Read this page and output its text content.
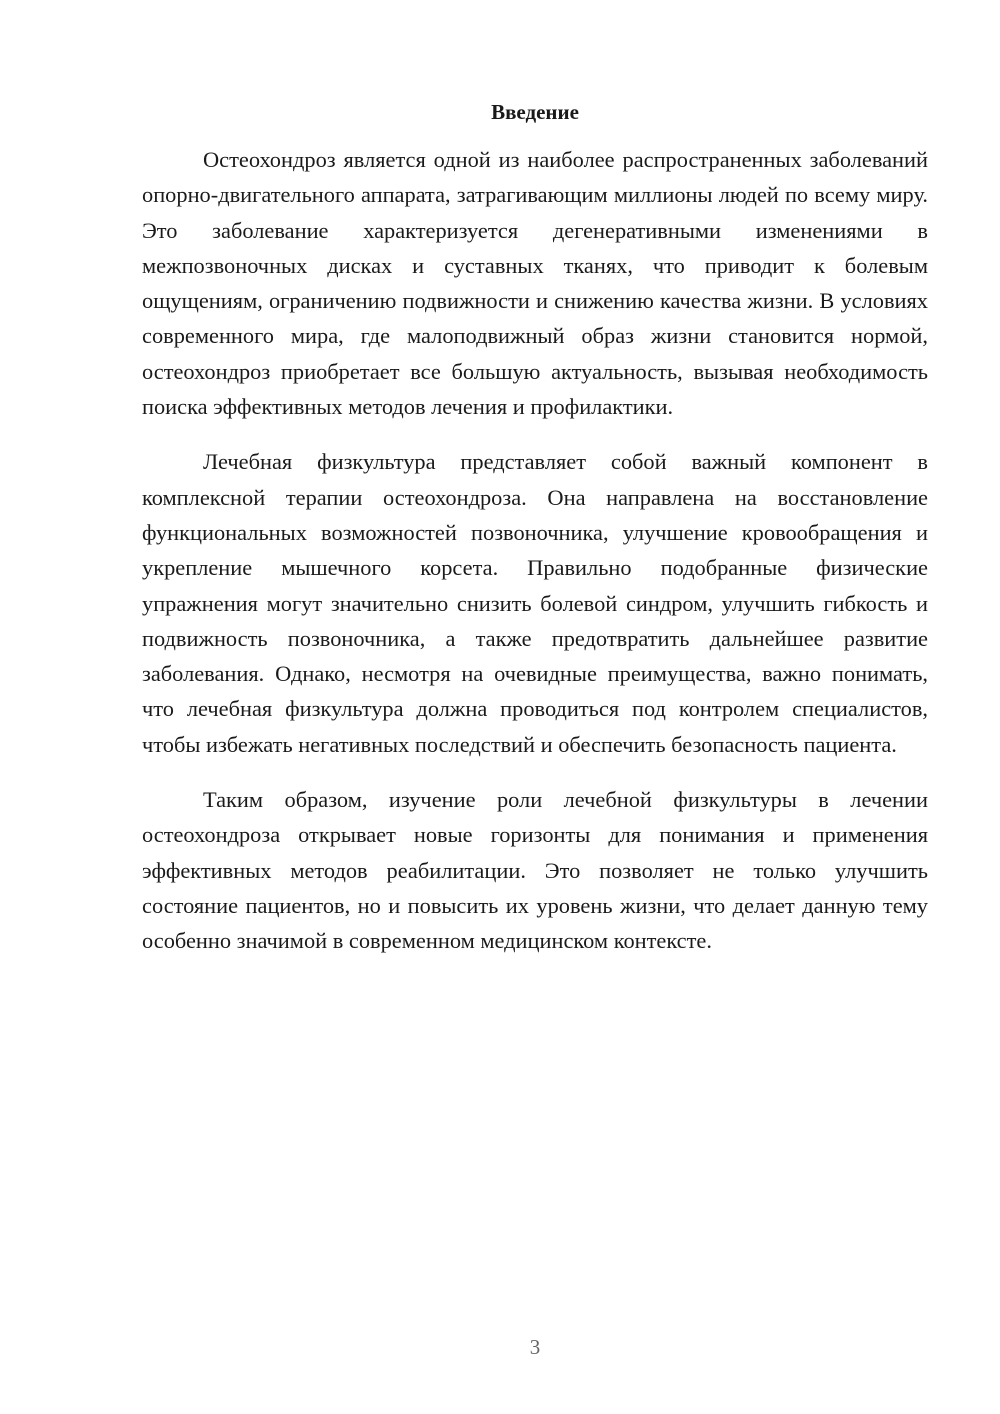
Введение

Остеохондроз является одной из наиболее распространенных заболеваний опорно-двигательного аппарата, затрагивающим миллионы людей по всему миру. Это заболевание характеризуется дегенеративными изменениями в межпозвоночных дисках и суставных тканях, что приводит к болевым ощущениям, ограничению подвижности и снижению качества жизни. В условиях современного мира, где малоподвижный образ жизни становится нормой, остеохондроз приобретает все большую актуальность, вызывая необходимость поиска эффективных методов лечения и профилактики.

Лечебная физкультура представляет собой важный компонент в комплексной терапии остеохондроза. Она направлена на восстановление функциональных возможностей позвоночника, улучшение кровообращения и укрепление мышечного корсета. Правильно подобранные физические упражнения могут значительно снизить болевой синдром, улучшить гибкость и подвижность позвоночника, а также предотвратить дальнейшее развитие заболевания. Однако, несмотря на очевидные преимущества, важно понимать, что лечебная физкультура должна проводиться под контролем специалистов, чтобы избежать негативных последствий и обеспечить безопасность пациента.

Таким образом, изучение роли лечебной физкультуры в лечении остеохондроза открывает новые горизонты для понимания и применения эффективных методов реабилитации. Это позволяет не только улучшить состояние пациентов, но и повысить их уровень жизни, что делает данную тему особенно значимой в современном медицинском контексте.

3
